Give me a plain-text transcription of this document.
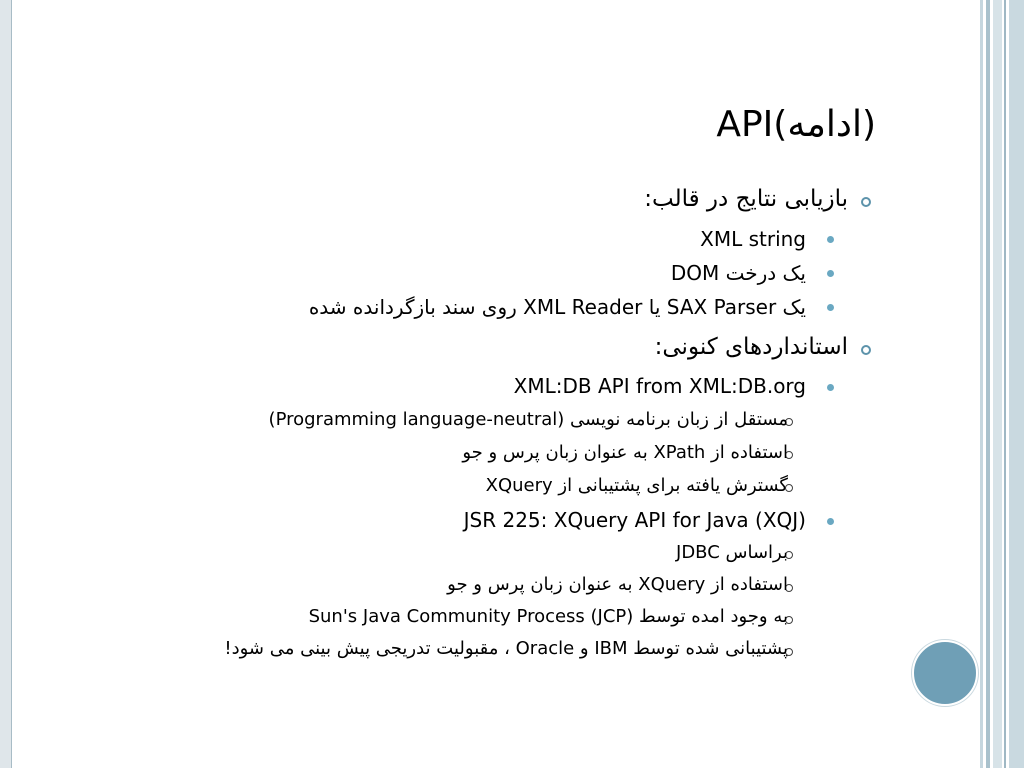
API(ادامه)
بازیابی نتایج در قالب:
XML string
یک درخت DOM
یک SAX Parser یا XML Reader روی سند بازگردانده شده
استانداردهای کنونی:
XML:DB API from XML:DB.org
مستقل از زبان برنامه نویسی (Programming language-neutral)
استفاده از XPath به عنوان زبان پرس و جو
گسترش یافته برای پشتیبانی از XQuery
JSR 225: XQuery API for Java (XQJ)
براساس JDBC
استفاده از XQuery به عنوان زبان پرس و جو
به وجود امده توسط Sun's Java Community Process (JCP)
پشتیبانی شده توسط IBM و Oracle ، مقبولیت تدریجی پیش بینی می شود!
